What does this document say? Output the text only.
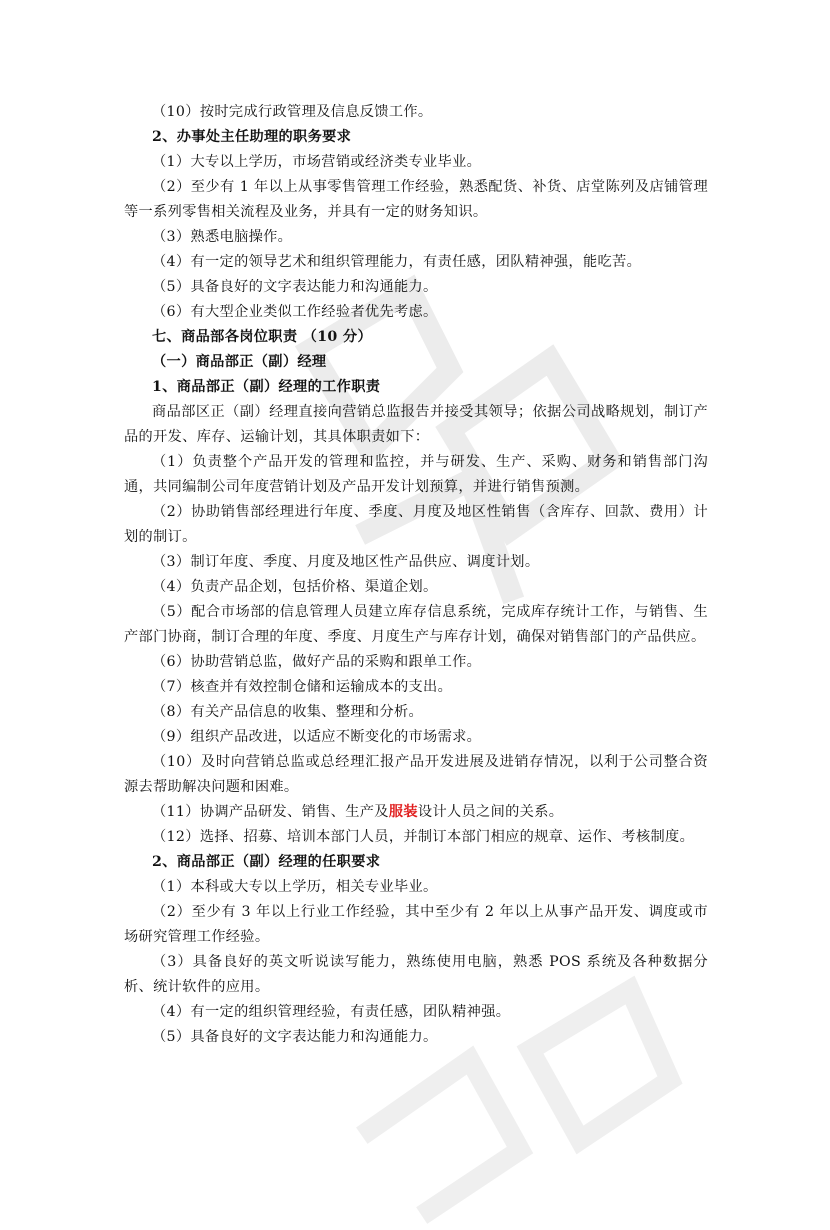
（10）按时完成行政管理及信息反馈工作。

2、办事处主任助理的职务要求

（1）大专以上学历，市场营销或经济类专业毕业。

（2）至少有 1 年以上从事零售管理工作经验，熟悉配货、补货、店堂陈列及店铺管理等一系列零售相关流程及业务，并具有一定的财务知识。

（3）熟悉电脑操作。

（4）有一定的领导艺术和组织管理能力，有责任感，团队精神强，能吃苦。

（5）具备良好的文字表达能力和沟通能力。

（6）有大型企业类似工作经验者优先考虑。

七、商品部各岗位职责 （10 分）

（一）商品部正（副）经理

1、商品部正（副）经理的工作职责

商品部区正（副）经理直接向营销总监报告并接受其领导；依据公司战略规划，制订产品的开发、库存、运输计划，其具体职责如下：

（1）负责整个产品开发的管理和监控，并与研发、生产、采购、财务和销售部门沟通，共同编制公司年度营销计划及产品开发计划预算，并进行销售预测。

（2）协助销售部经理进行年度、季度、月度及地区性销售（含库存、回款、费用）计划的制订。

（3）制订年度、季度、月度及地区性产品供应、调度计划。

（4）负责产品企划，包括价格、渠道企划。

（5）配合市场部的信息管理人员建立库存信息系统，完成库存统计工作，与销售、生产部门协商，制订合理的年度、季度、月度生产与库存计划，确保对销售部门的产品供应。

（6）协助营销总监，做好产品的采购和跟单工作。

（7）核查并有效控制仓储和运输成本的支出。

（8）有关产品信息的收集、整理和分析。

（9）组织产品改进，以适应不断变化的市场需求。

（10）及时向营销总监或总经理汇报产品开发进展及进销存情况，以利于公司整合资源去帮助解决问题和困难。

（11）协调产品研发、销售、生产及服装设计人员之间的关系。

（12）选择、招募、培训本部门人员，并制订本部门相应的规章、运作、考核制度。

2、商品部正（副）经理的任职要求

（1）本科或大专以上学历，相关专业毕业。

（2）至少有 3 年以上行业工作经验，其中至少有 2 年以上从事产品开发、调度或市场研究管理工作经验。

（3）具备良好的英文听说读写能力，熟练使用电脑，熟悉 POS 系统及各种数据分析、统计软件的应用。

（4）有一定的组织管理经验，有责任感，团队精神强。

（5）具备良好的文字表达能力和沟通能力。
